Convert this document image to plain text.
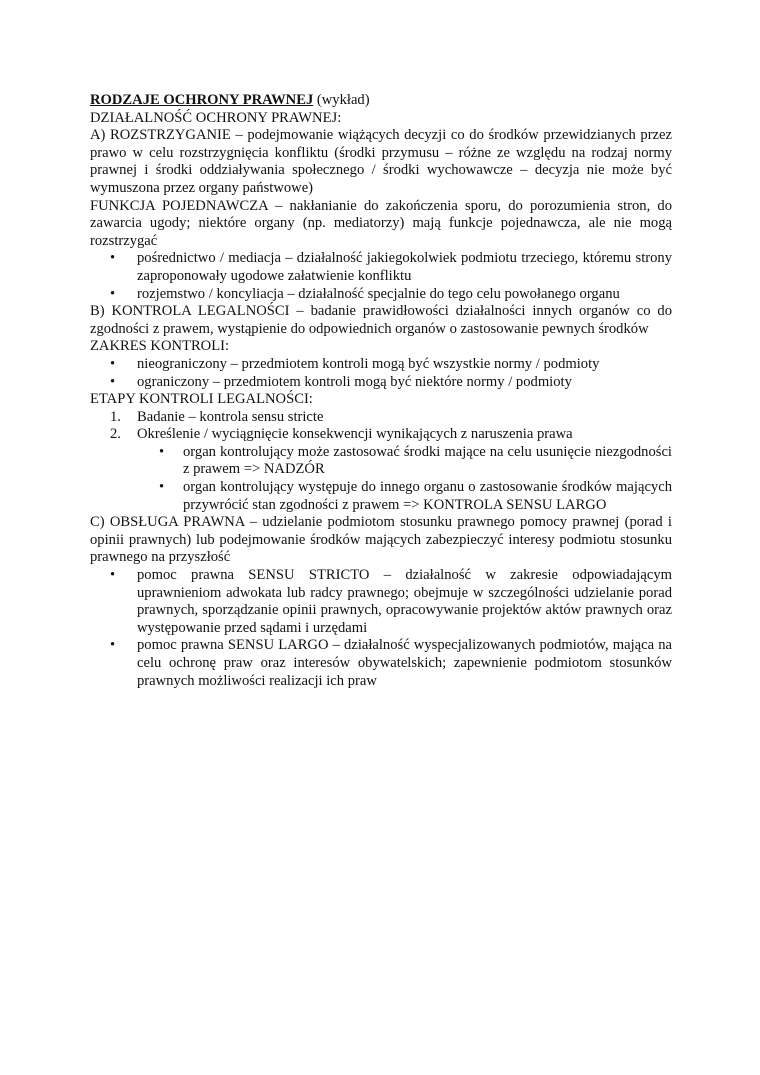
RODZAJE OCHRONY PRAWNEJ (wykład)

DZIAŁALNOŚĆ OCHRONY PRAWNEJ:

A) ROZSTRZYGANIE – podejmowanie wiążących decyzji co do środków przewidzianych przez prawo w celu rozstrzygnięcia konfliktu (środki przymusu – różne ze względu na rodzaj normy prawnej i środki oddziaływania społecznego / środki wychowawcze – decyzja nie może być wymuszona przez organy państwowe)

FUNKCJA POJEDNAWCZA – nakłanianie do zakończenia sporu, do porozumienia stron, do zawarcia ugody; niektóre organy (np. mediatorzy) mają funkcje pojednawcza, ale nie mogą rozstrzygać

• pośrednictwo / mediacja – działalność jakiegokolwiek podmiotu trzeciego, któremu strony zaproponowały ugodowe załatwienie konfliktu
• rozjemstwo / koncyliacja – działalność specjalnie do tego celu powołanego organu

B) KONTROLA LEGALNOŚCI – badanie prawidłowości działalności innych organów co do zgodności z prawem, wystąpienie do odpowiednich organów o zastosowanie pewnych środków

ZAKRES KONTROLI:

• nieograniczony – przedmiotem kontroli mogą być wszystkie normy / podmioty
• ograniczony – przedmiotem kontroli mogą być niektóre normy / podmioty

ETAPY KONTROLI LEGALNOŚCI:

1. Badanie – kontrola sensu stricte
2. Określenie / wyciągnięcie konsekwencji wynikających z naruszenia prawa
• organ kontrolujący może zastosować środki mające na celu usunięcie niezgodności z prawem => NADZÓR
• organ kontrolujący występuje do innego organu o zastosowanie środków mających przywrócić stan zgodności z prawem => KONTROLA SENSU LARGO

C) OBSŁUGA PRAWNA – udzielanie podmiotom stosunku prawnego pomocy prawnej (porad i opinii prawnych) lub podejmowanie środków mających zabezpieczyć interesy podmiotu stosunku prawnego na przyszłość

• pomoc prawna SENSU STRICTO – działalność w zakresie odpowiadającym uprawnieniom adwokata lub radcy prawnego; obejmuje w szczególności udzielanie porad prawnych, sporządzanie opinii prawnych, opracowywanie projektów aktów prawnych oraz występowanie przed sądami i urzędami
• pomoc prawna SENSU LARGO – działalność wyspecjalizowanych podmiotów, mająca na celu ochronę praw oraz interesów obywatelskich; zapewnienie podmiotom stosunków prawnych możliwości realizacji ich praw
